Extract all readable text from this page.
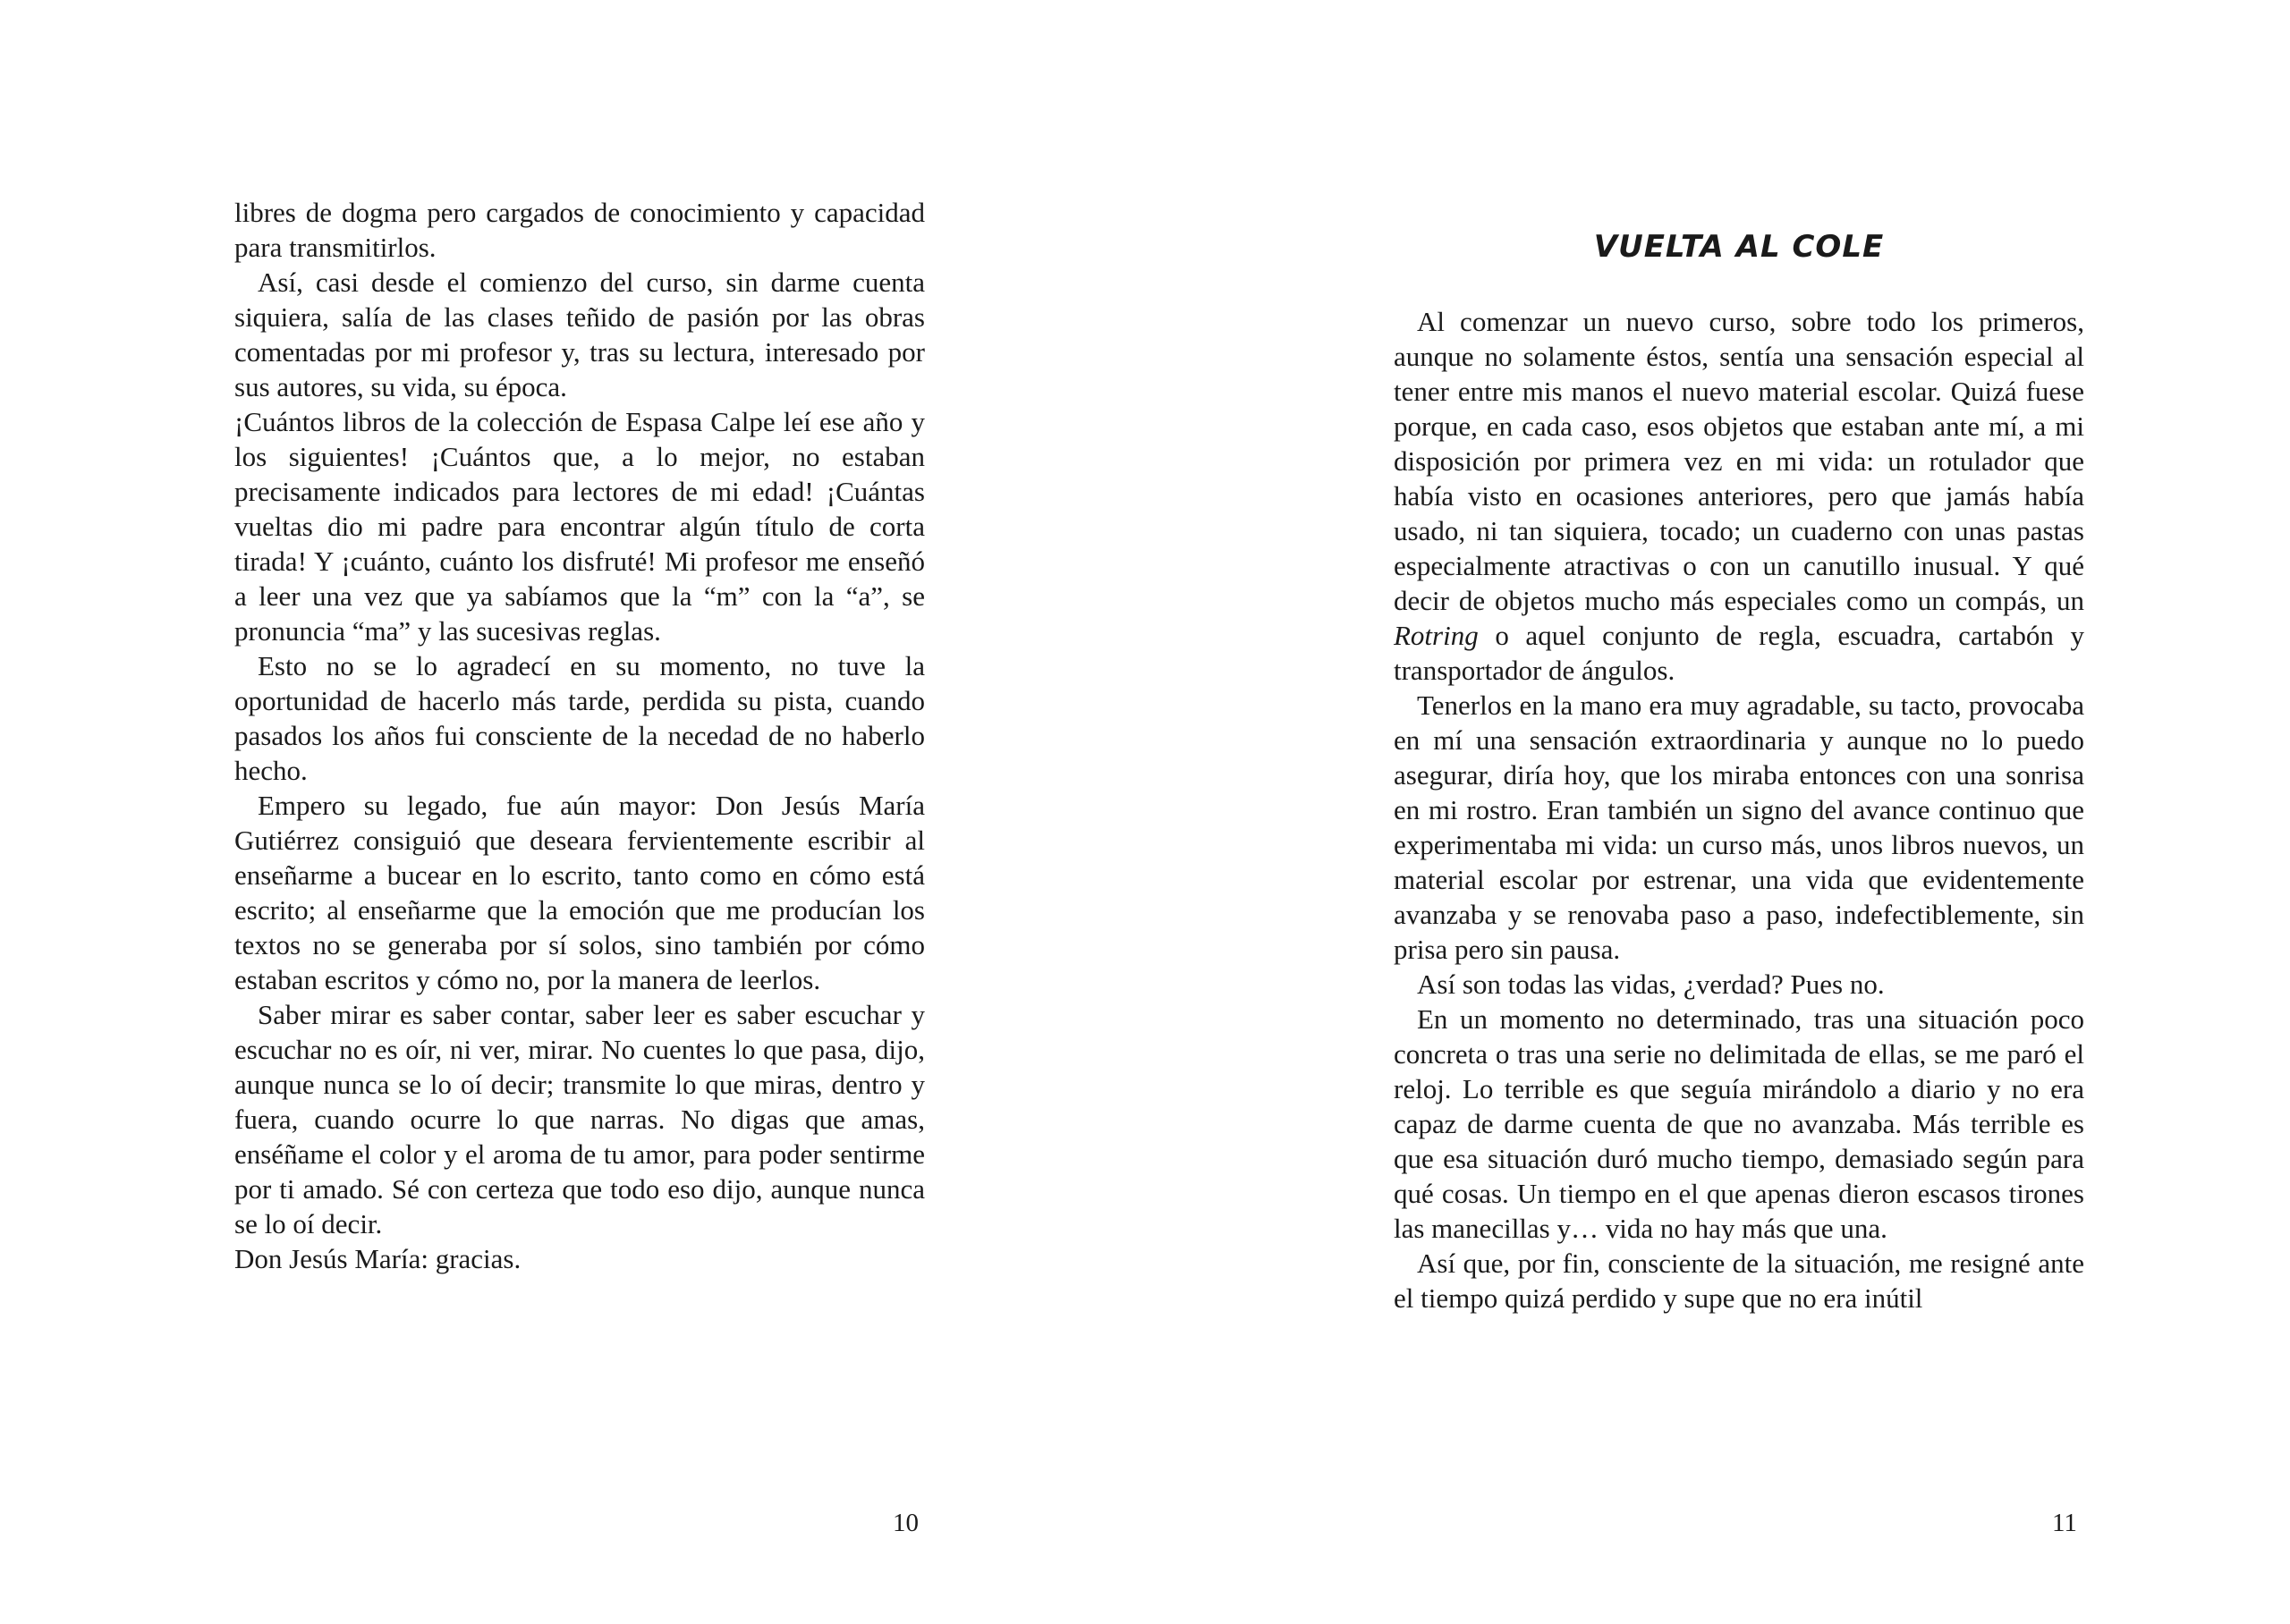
libres de dogma pero cargados de conocimiento y capacidad para transmitirlos.

Así, casi desde el comienzo del curso, sin darme cuenta siquiera, salía de las clases teñido de pasión por las obras comentadas por mi profesor y, tras su lectura, interesado por sus autores, su vida, su época.

¡Cuántos libros de la colección de Espasa Calpe leí ese año y los siguientes! ¡Cuántos que, a lo mejor, no estaban precisamente indicados para lectores de mi edad! ¡Cuántas vueltas dio mi padre para encontrar algún título de corta tirada! Y ¡cuánto, cuánto los disfruté! Mi profesor me enseñó a leer una vez que ya sabíamos que la “m” con la “a”, se pronuncia “ma” y las sucesivas reglas.

Esto no se lo agradecí en su momento, no tuve la oportunidad de hacerlo más tarde, perdida su pista, cuando pasados los años fui consciente de la necedad de no haberlo hecho.

Empero su legado, fue aún mayor: Don Jesús María Gutiérrez consiguió que deseara fervientemente escribir al enseñarme a bucear en lo escrito, tanto como en cómo está escrito; al enseñarme que la emoción que me producían los textos no se generaba por sí solos, sino también por cómo estaban escritos y cómo no, por la manera de leerlos.

Saber mirar es saber contar, saber leer es saber escuchar y escuchar no es oír, ni ver, mirar. No cuentes lo que pasa, dijo, aunque nunca se lo oí decir; transmite lo que miras, dentro y fuera, cuando ocurre lo que narras. No digas que amas, enséñame el color y el aroma de tu amor, para poder sentirme por ti amado. Sé con certeza que todo eso dijo, aunque nunca se lo oí decir.

Don Jesús María: gracias.

10
VUELTA AL COLE

Al comenzar un nuevo curso, sobre todo los primeros, aunque no solamente éstos, sentía una sensación especial al tener entre mis manos el nuevo material escolar. Quizá fuese porque, en cada caso, esos objetos que estaban ante mí, a mi disposición por primera vez en mi vida: un rotulador que había visto en ocasiones anteriores, pero que jamás había usado, ni tan siquiera, tocado; un cuaderno con unas pastas especialmente atractivas o con un canutillo inusual. Y qué decir de objetos mucho más especiales como un compás, un Rotring o aquel conjunto de regla, escuadra, cartabón y transportador de ángulos.

Tenerlos en la mano era muy agradable, su tacto, provocaba en mí una sensación extraordinaria y aunque no lo puedo asegurar, diría hoy, que los miraba entonces con una sonrisa en mi rostro. Eran también un signo del avance continuo que experimentaba mi vida: un curso más, unos libros nuevos, un material escolar por estrenar, una vida que evidentemente avanzaba y se renovaba paso a paso, indefectiblemente, sin prisa pero sin pausa.

Así son todas las vidas, ¿verdad? Pues no.

En un momento no determinado, tras una situación poco concreta o tras una serie no delimitada de ellas, se me paró el reloj. Lo terrible es que seguía mirándolo a diario y no era capaz de darme cuenta de que no avanzaba. Más terrible es que esa situación duró mucho tiempo, demasiado según para qué cosas. Un tiempo en el que apenas dieron escasos tirones las manecillas y… vida no hay más que una.

Así que, por fin, consciente de la situación, me resigné ante el tiempo quizá perdido y supe que no era inútil

11
